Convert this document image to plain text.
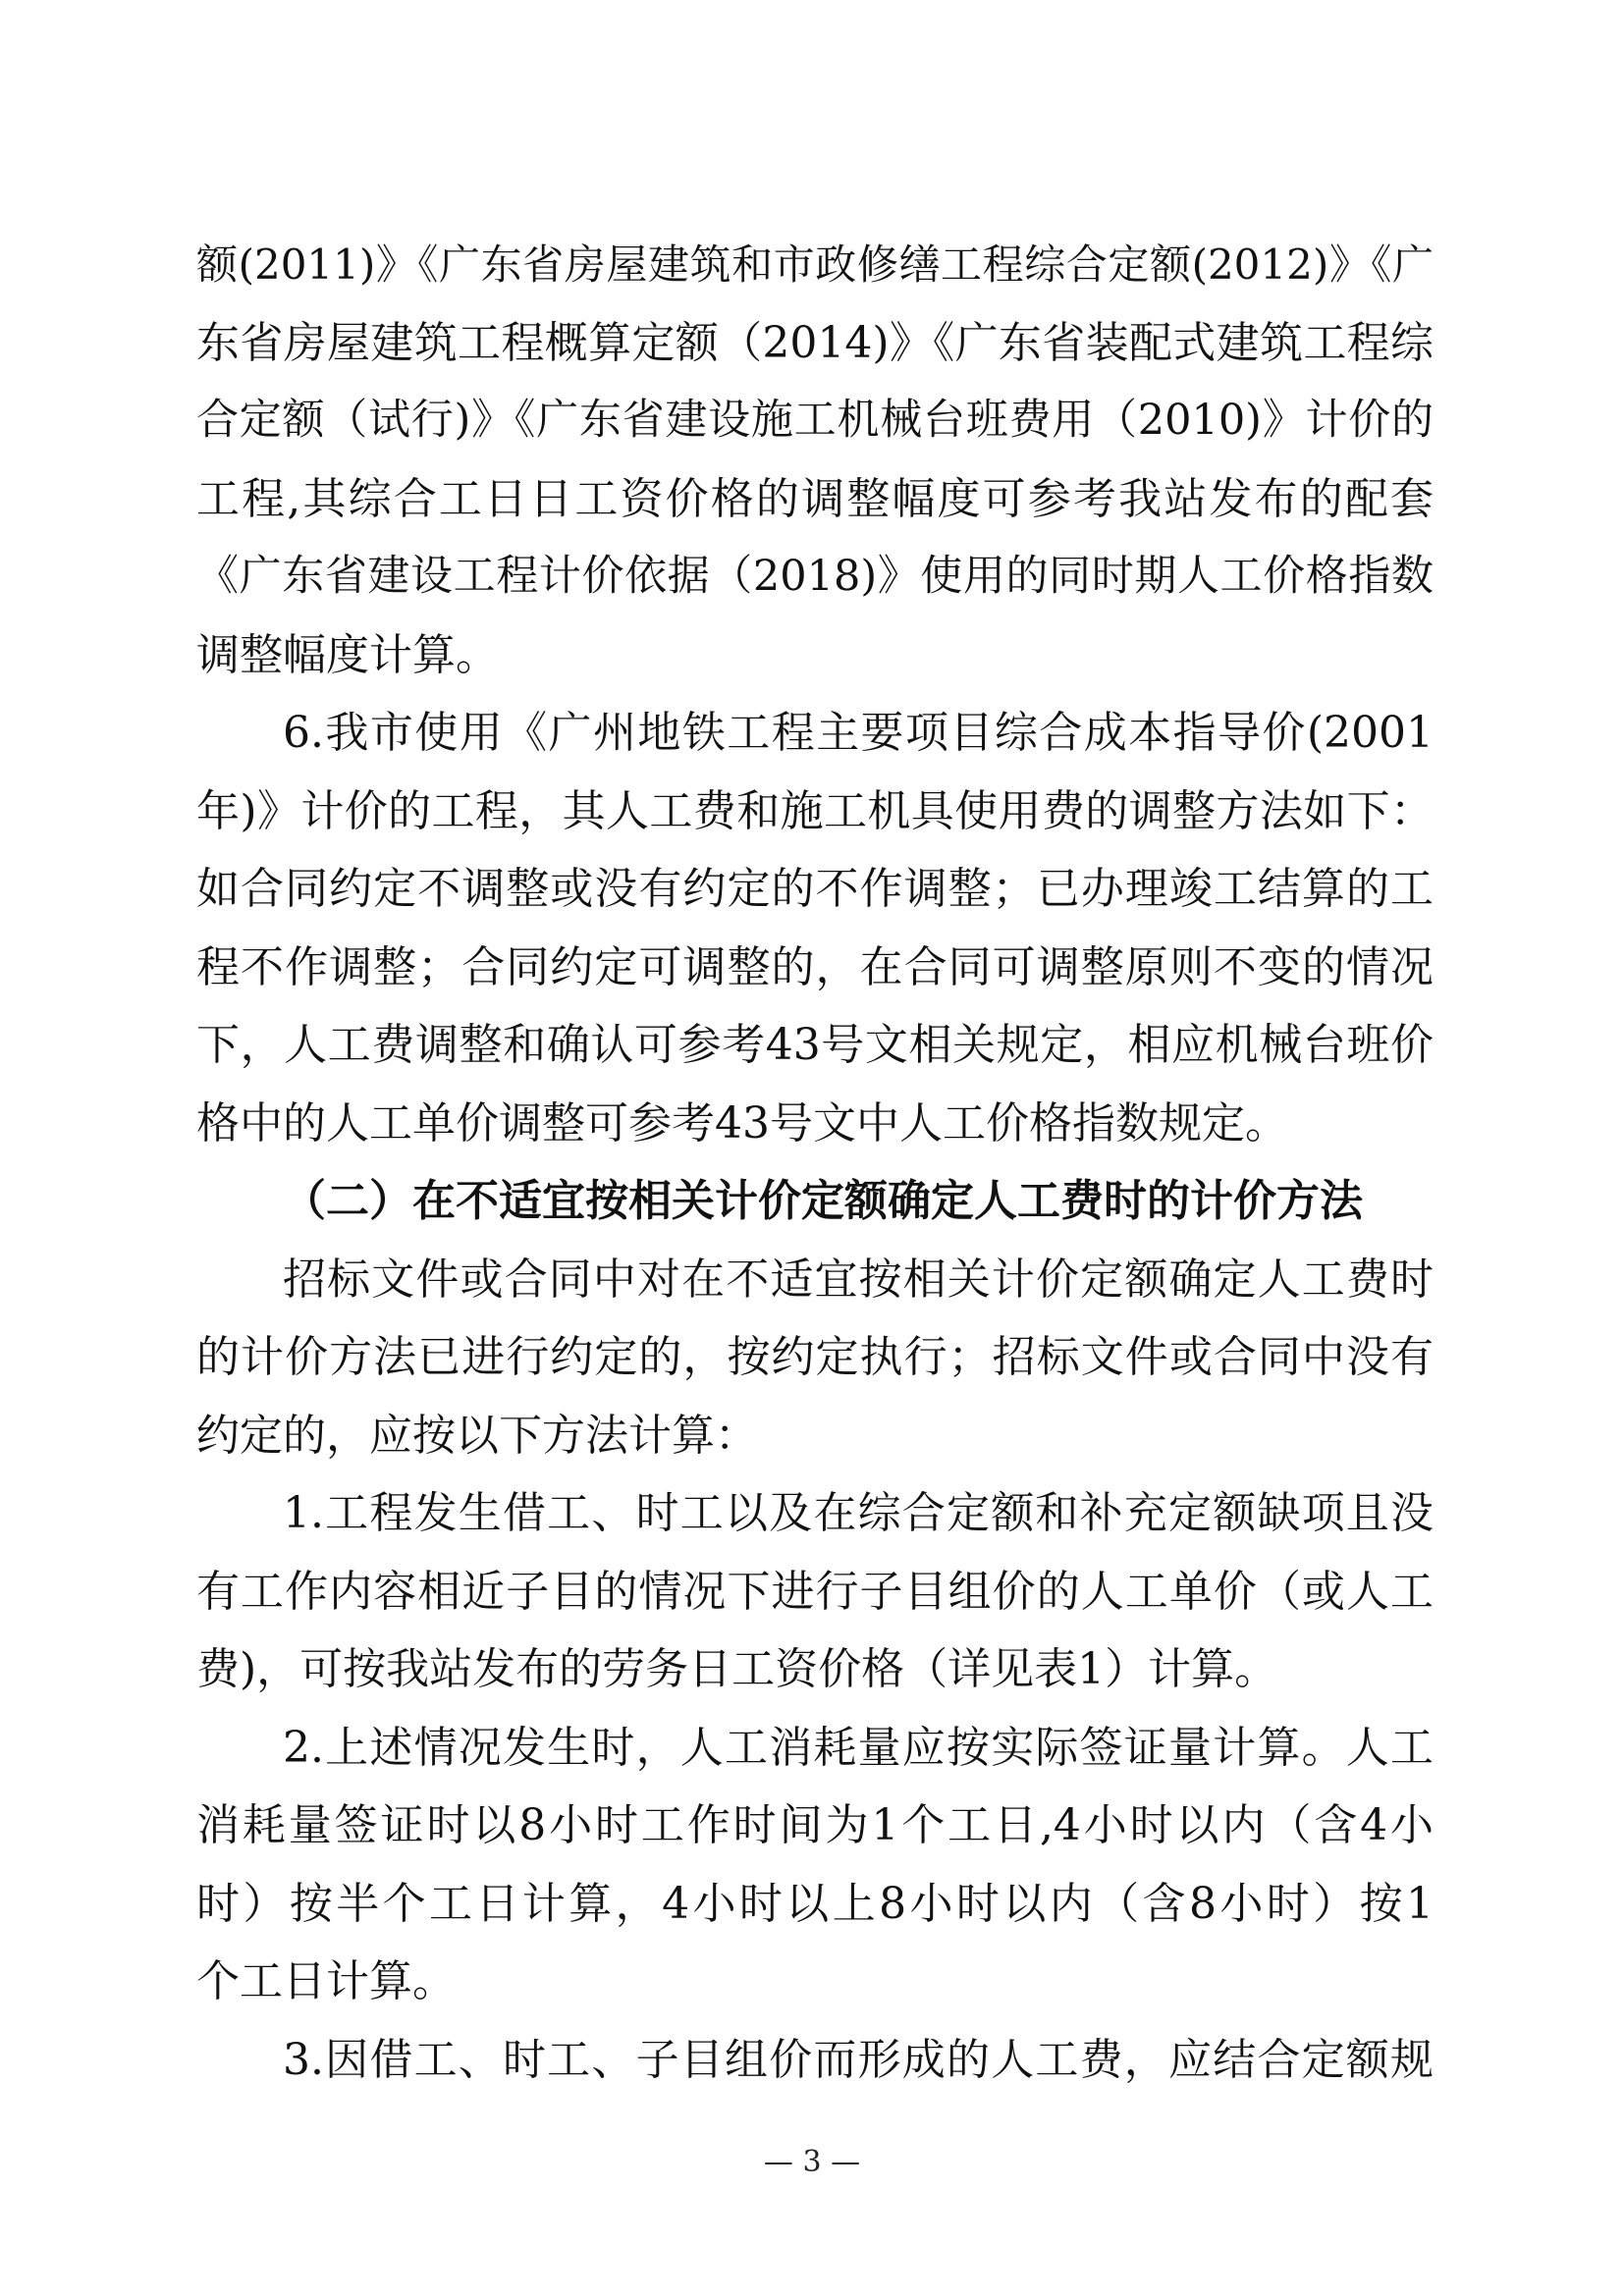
额(2011)》《广东省房屋建筑和市政修缮工程综合定额(2012)》《广
东省房屋建筑工程概算定额（2014)》《广东省装配式建筑工程综
合定额（试行)》《广东省建设施工机械台班费用（2010)》计价的
工程,其综合工日日工资价格的调整幅度可参考我站发布的配套
《广东省建设工程计价依据（2018)》使用的同时期人工价格指数
调整幅度计算。
6.我市使用《广州地铁工程主要项目综合成本指导价(2001
年)》计价的工程，其人工费和施工机具使用费的调整方法如下：
如合同约定不调整或没有约定的不作调整；已办理竣工结算的工
程不作调整；合同约定可调整的，在合同可调整原则不变的情况
下，人工费调整和确认可参考43号文相关规定，相应机械台班价
格中的人工单价调整可参考43号文中人工价格指数规定。
（二）在不适宜按相关计价定额确定人工费时的计价方法
招标文件或合同中对在不适宜按相关计价定额确定人工费时
的计价方法已进行约定的，按约定执行；招标文件或合同中没有
约定的，应按以下方法计算：
1.工程发生借工、时工以及在综合定额和补充定额缺项且没
有工作内容相近子目的情况下进行子目组价的人工单价（或人工
费)，可按我站发布的劳务日工资价格（详见表1）计算。
2.上述情况发生时，人工消耗量应按实际签证量计算。人工
消耗量签证时以8小时工作时间为1个工日,4小时以内（含4小
时）按半个工日计算，4小时以上8小时以内（含8小时）按1
个工日计算。
3.因借工、时工、子目组价而形成的人工费，应结合定额规
— 3 —
